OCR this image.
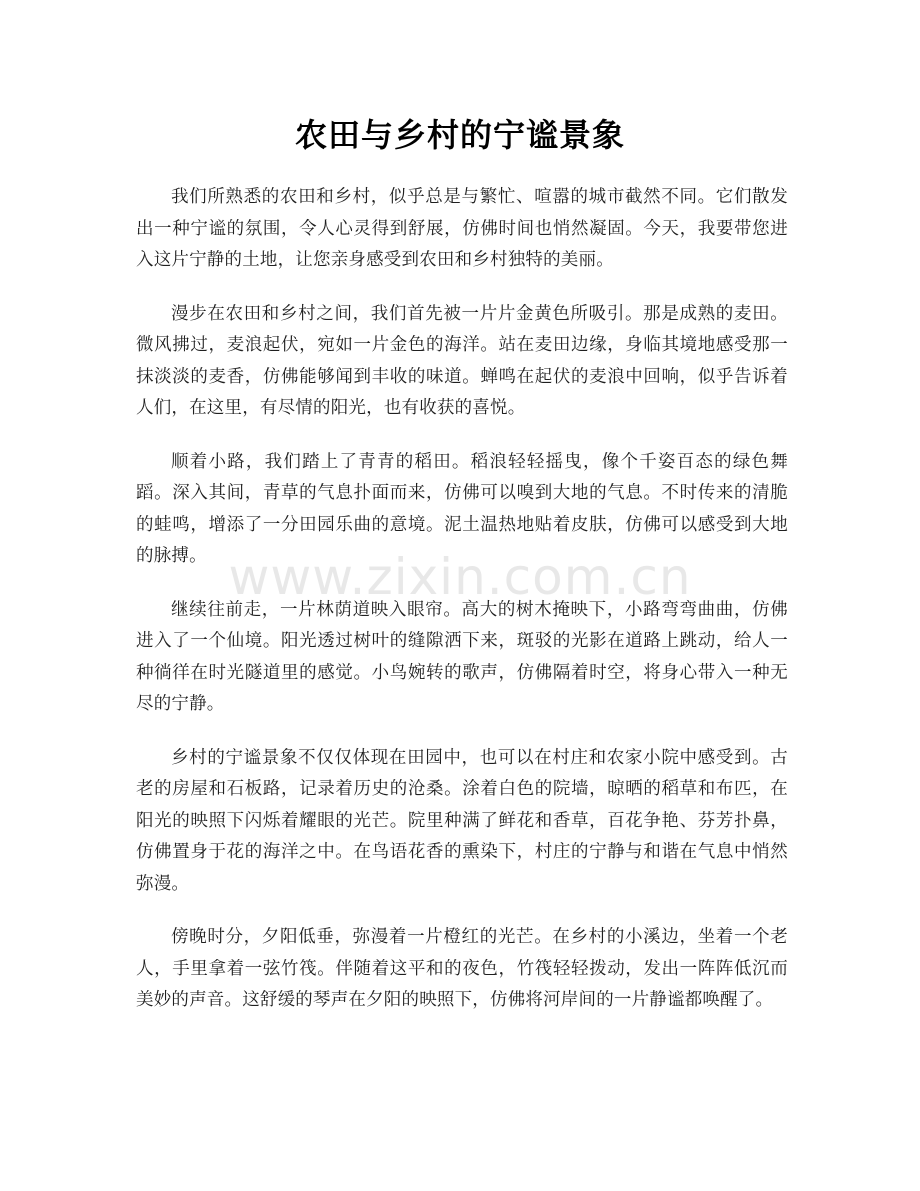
农田与乡村的宁谧景象

我们所熟悉的农田和乡村，似乎总是与繁忙、喧嚣的城市截然不同。它们散发出一种宁谧的氛围，令人心灵得到舒展，仿佛时间也悄然凝固。今天，我要带您进入这片宁静的土地，让您亲身感受到农田和乡村独特的美丽。

漫步在农田和乡村之间，我们首先被一片片金黄色所吸引。那是成熟的麦田。微风拂过，麦浪起伏，宛如一片金色的海洋。站在麦田边缘，身临其境地感受那一抹淡淡的麦香，仿佛能够闻到丰收的味道。蝉鸣在起伏的麦浪中回响，似乎告诉着人们，在这里，有尽情的阳光，也有收获的喜悦。

顺着小路，我们踏上了青青的稻田。稻浪轻轻摇曳，像个千姿百态的绿色舞蹈。深入其间，青草的气息扑面而来，仿佛可以嗅到大地的气息。不时传来的清脆的蛙鸣，增添了一分田园乐曲的意境。泥土温热地贴着皮肤，仿佛可以感受到大地的脉搏。

继续往前走，一片林荫道映入眼帘。高大的树木掩映下，小路弯弯曲曲，仿佛进入了一个仙境。阳光透过树叶的缝隙洒下来，斑驳的光影在道路上跳动，给人一种徜徉在时光隧道里的感觉。小鸟婉转的歌声，仿佛隔着时空，将身心带入一种无尽的宁静。

乡村的宁谧景象不仅仅体现在田园中，也可以在村庄和农家小院中感受到。古老的房屋和石板路，记录着历史的沧桑。涂着白色的院墙，晾晒的稻草和布匹，在阳光的映照下闪烁着耀眼的光芒。院里种满了鲜花和香草，百花争艳、芬芳扑鼻，仿佛置身于花的海洋之中。在鸟语花香的熏染下，村庄的宁静与和谐在气息中悄然弥漫。

傍晚时分，夕阳低垂，弥漫着一片橙红的光芒。在乡村的小溪边，坐着一个老人，手里拿着一弦竹筏。伴随着这平和的夜色，竹筏轻轻拨动，发出一阵阵低沉而美妙的声音。这舒缓的琴声在夕阳的映照下，仿佛将河岸间的一片静谧都唤醒了。

www.zixin.com.cn
